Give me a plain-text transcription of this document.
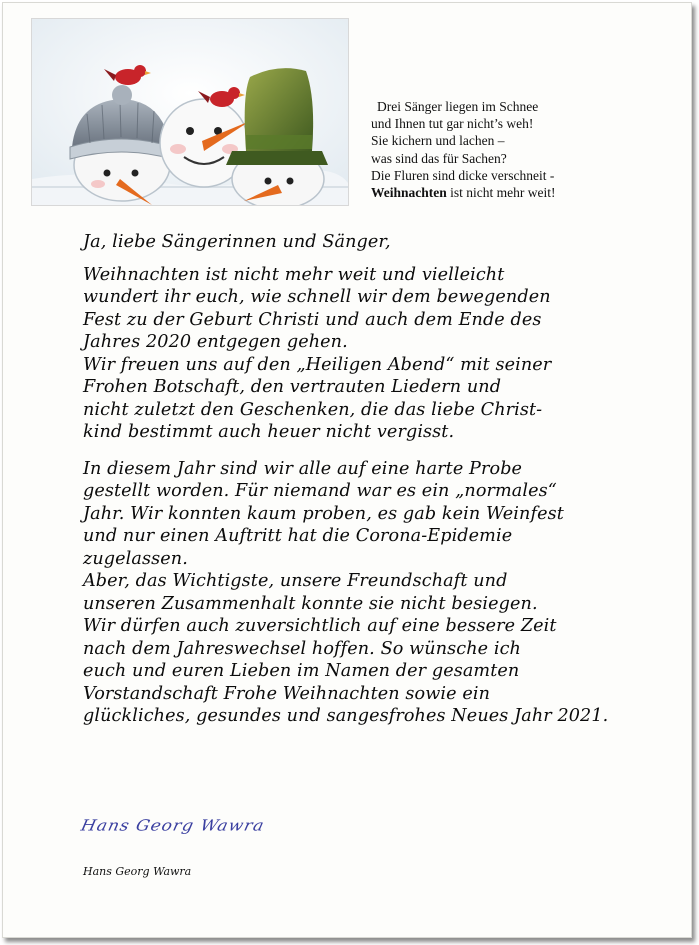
Drei Sänger liegen im Schnee
und Ihnen tut gar nicht’s weh!
Sie kichern und lachen –
was sind das für Sachen?
Die Fluren sind dicke verschneit -
Weihnachten ist nicht mehr weit!
Ja, liebe Sängerinnen und Sänger,
Weihnachten ist nicht mehr weit und vielleicht
wundert ihr euch, wie schnell wir dem bewegenden
Fest zu der Geburt Christi und auch dem Ende des
Jahres 2020 entgegen gehen.
Wir freuen uns auf den „Heiligen Abend“ mit seiner
Frohen Botschaft, den vertrauten Liedern und
nicht zuletzt den Geschenken, die das liebe Christ-
kind bestimmt auch heuer nicht vergisst.
In diesem Jahr sind wir alle auf eine harte Probe
gestellt worden. Für niemand war es ein „normales“
Jahr. Wir konnten kaum proben, es gab kein Weinfest
und nur einen Auftritt hat die Corona-Epidemie
zugelassen.
Aber, das Wichtigste, unsere Freundschaft und
unseren Zusammenhalt konnte sie nicht besiegen.
Wir dürfen auch zuversichtlich auf eine bessere Zeit
nach dem Jahreswechsel hoffen. So wünsche ich
euch und euren Lieben im Namen der gesamten
Vorstandschaft Frohe Weihnachten sowie ein
glückliches, gesundes und sangesfrohes Neues Jahr 2021.
Hans Georg Wawra
Hans Georg Wawra
